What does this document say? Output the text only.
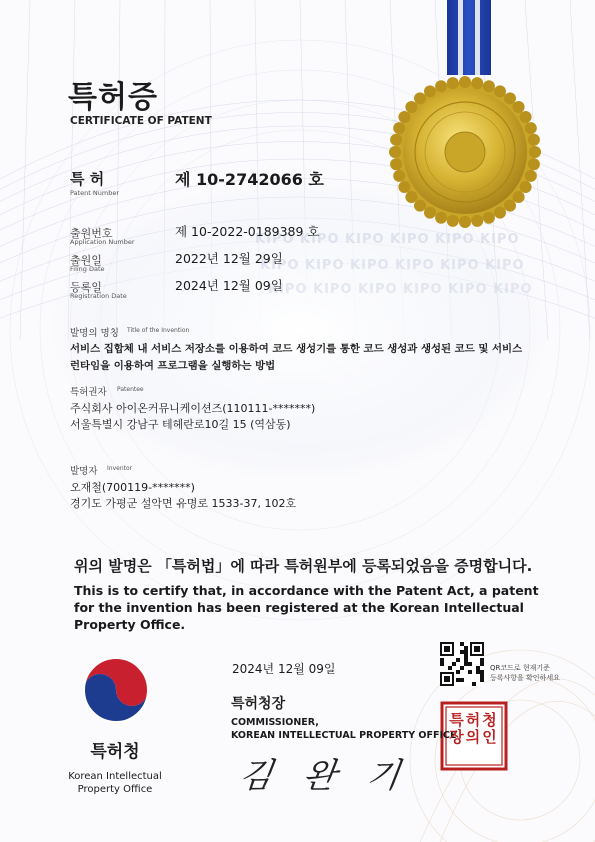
KIPO KIPO KIPO KIPO KIPO KIPO
KIPO KIPO KIPO KIPO KIPO KIPO
KIPO KIPO KIPO KIPO KIPO KIPO
특허증
CERTIFICATE OF PATENT
특 허
Patent Number
제 10-2742066 호
출원번호
Application Number
제 10-2022-0189389 호
출원일
Filing Date
2022년 12월 29일
등록일
Registration Date
2024년 12월 09일
발명의 명칭 Title of the Invention
서비스 집합체 내 서비스 저장소를 이용하여 코드 생성기를 통한 코드 생성과 생성된 코드 및 서비스
런타임을 이용하여 프로그램을 실행하는 방법
특허권자 Patentee
주식회사 아이온커뮤니케이션즈(110111-*******)
서울특별시 강남구 테헤란로10길 15 (역삼동)
발명자 Inventor
오재철(700119-*******)
경기도 가평군 설악면 유명로 1533-37, 102호
위의 발명은 「특허법」에 따라 특허원부에 등록되었음을 증명합니다.
This is to certify that, in accordance with the Patent Act, a patent for the invention has been registered at the Korean Intellectual Property Office.
2024년 12월 09일
특허청장
COMMISSIONER,
KOREAN INTELLECTUAL PROPERTY OFFICE
김 완 기
QR코드로 현재기준
등록사항을 확인하세요
특허청장의인
특허청
Korean Intellectual Property Office
